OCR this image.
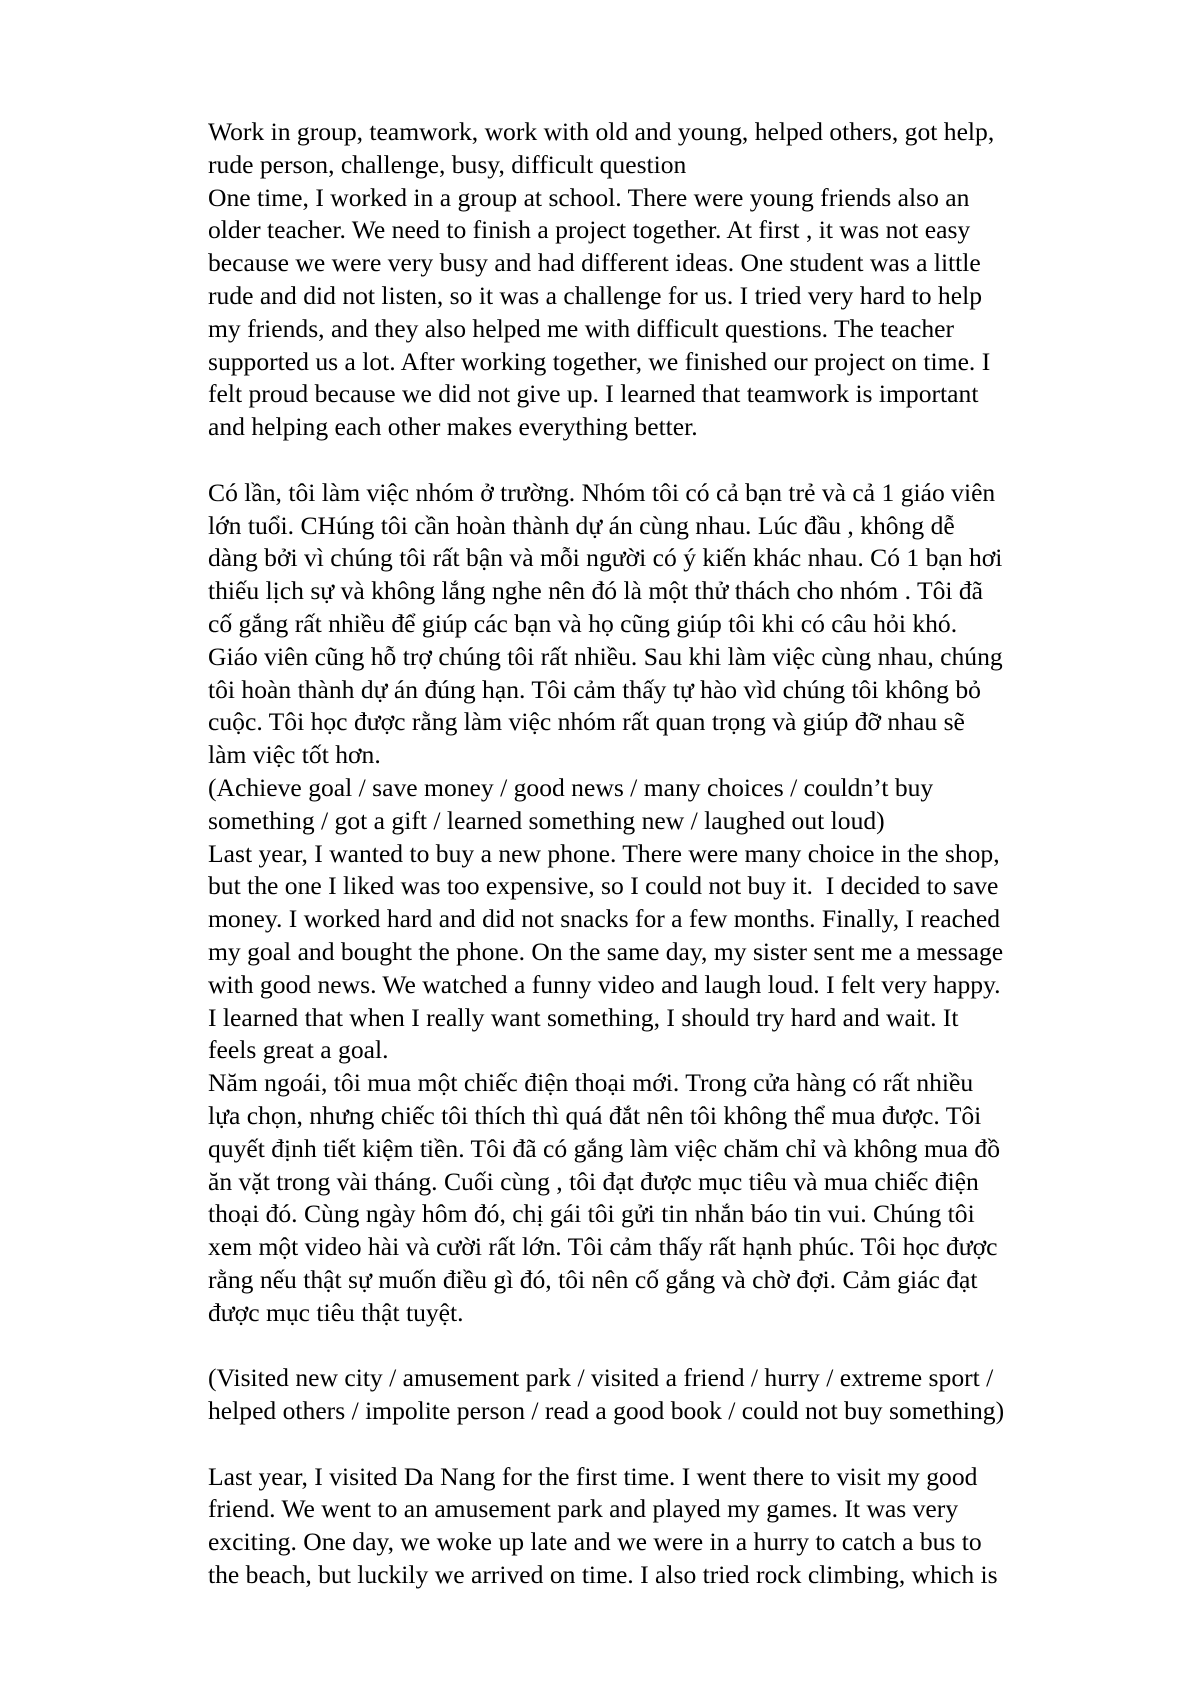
Work in group, teamwork, work with old and young, helped others, got help,
rude person, challenge, busy, difficult question
One time, I worked in a group at school. There were young friends also an
older teacher. We need to finish a project together. At first , it was not easy
because we were very busy and had different ideas. One student was a little
rude and did not listen, so it was a challenge for us. I tried very hard to help
my friends, and they also helped me with difficult questions. The teacher
supported us a lot. After working together, we finished our project on time. I
felt proud because we did not give up. I learned that teamwork is important
and helping each other makes everything better.
Có lần, tôi làm việc nhóm ở trường. Nhóm tôi có cả bạn trẻ và cả 1 giáo viên
lớn tuổi. CHúng tôi cần hoàn thành dự án cùng nhau. Lúc đầu , không dễ
dàng bởi vì chúng tôi rất bận và mỗi người có ý kiến khác nhau. Có 1 bạn hơi
thiếu lịch sự và không lắng nghe nên đó là một thử thách cho nhóm . Tôi đã
cố gắng rất nhiều để giúp các bạn và họ cũng giúp tôi khi có câu hỏi khó.
Giáo viên cũng hỗ trợ chúng tôi rất nhiều. Sau khi làm việc cùng nhau, chúng
tôi hoàn thành dự án đúng hạn. Tôi cảm thấy tự hào vìd chúng tôi không bỏ
cuộc. Tôi học được rằng làm việc nhóm rất quan trọng và giúp đỡ nhau sẽ
làm việc tốt hơn.
(Achieve goal / save money / good news / many choices / couldn’t buy
something / got a gift / learned something new / laughed out loud)
Last year, I wanted to buy a new phone. There were many choice in the shop,
but the one I liked was too expensive, so I could not buy it.  I decided to save
money. I worked hard and did not snacks for a few months. Finally, I reached
my goal and bought the phone. On the same day, my sister sent me a message
with good news. We watched a funny video and laugh loud. I felt very happy.
I learned that when I really want something, I should try hard and wait. It
feels great a goal.
Năm ngoái, tôi mua một chiếc điện thoại mới. Trong cửa hàng có rất nhiều
lựa chọn, nhưng chiếc tôi thích thì quá đắt nên tôi không thể mua được. Tôi
quyết định tiết kiệm tiền. Tôi đã có gắng làm việc chăm chỉ và không mua đồ
ăn vặt trong vài tháng. Cuối cùng , tôi đạt được mục tiêu và mua chiếc điện
thoại đó. Cùng ngày hôm đó, chị gái tôi gửi tin nhắn báo tin vui. Chúng tôi
xem một video hài và cười rất lớn. Tôi cảm thấy rất hạnh phúc. Tôi học được
rằng nếu thật sự muốn điều gì đó, tôi nên cố gắng và chờ đợi. Cảm giác đạt
được mục tiêu thật tuyệt.
(Visited new city / amusement park / visited a friend / hurry / extreme sport /
helped others / impolite person / read a good book / could not buy something)
Last year, I visited Da Nang for the first time. I went there to visit my good
friend. We went to an amusement park and played my games. It was very
exciting. One day, we woke up late and we were in a hurry to catch a bus to
the beach, but luckily we arrived on time. I also tried rock climbing, which is
